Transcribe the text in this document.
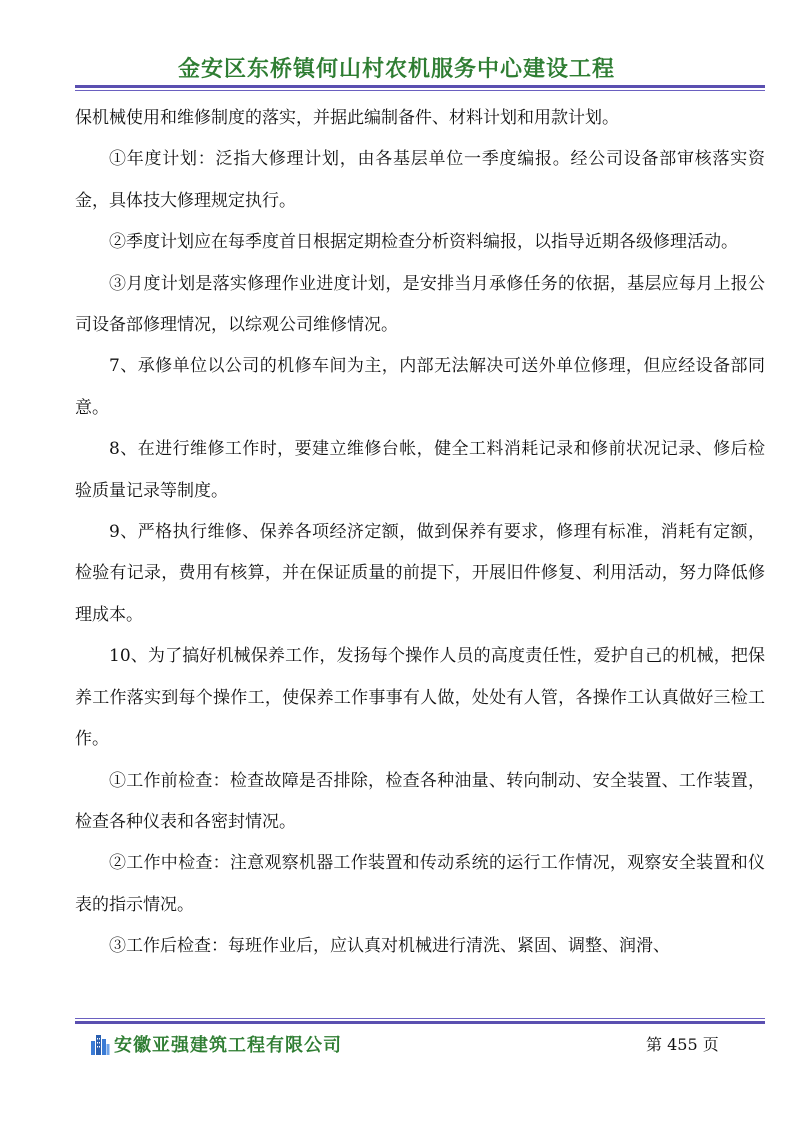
金安区东桥镇何山村农机服务中心建设工程

保机械使用和维修制度的落实，并据此编制备件、材料计划和用款计划。

①年度计划：泛指大修理计划，由各基层单位一季度编报。经公司设备部审核落实资金，具体技大修理规定执行。

②季度计划应在每季度首日根据定期检查分析资料编报，以指导近期各级修理活动。

③月度计划是落实修理作业进度计划，是安排当月承修任务的依据，基层应每月上报公司设备部修理情况，以综观公司维修情况。

7、承修单位以公司的机修车间为主，内部无法解决可送外单位修理，但应经设备部同意。

8、在进行维修工作时，要建立维修台帐，健全工料消耗记录和修前状况记录、修后检验质量记录等制度。

9、严格执行维修、保养各项经济定额，做到保养有要求，修理有标准，消耗有定额，检验有记录，费用有核算，并在保证质量的前提下，开展旧件修复、利用活动，努力降低修理成本。

10、为了搞好机械保养工作，发扬每个操作人员的高度责任性，爱护自己的机械，把保养工作落实到每个操作工，使保养工作事事有人做，处处有人管，各操作工认真做好三检工作。

①工作前检查：检查故障是否排除，检查各种油量、转向制动、安全装置、工作装置，检查各种仪表和各密封情况。

②工作中检查：注意观察机器工作装置和传动系统的运行工作情况，观察安全装置和仪表的指示情况。

③工作后检查：每班作业后，应认真对机械进行清洗、紧固、调整、润滑、

安徽亚强建筑工程有限公司	第 455 页
